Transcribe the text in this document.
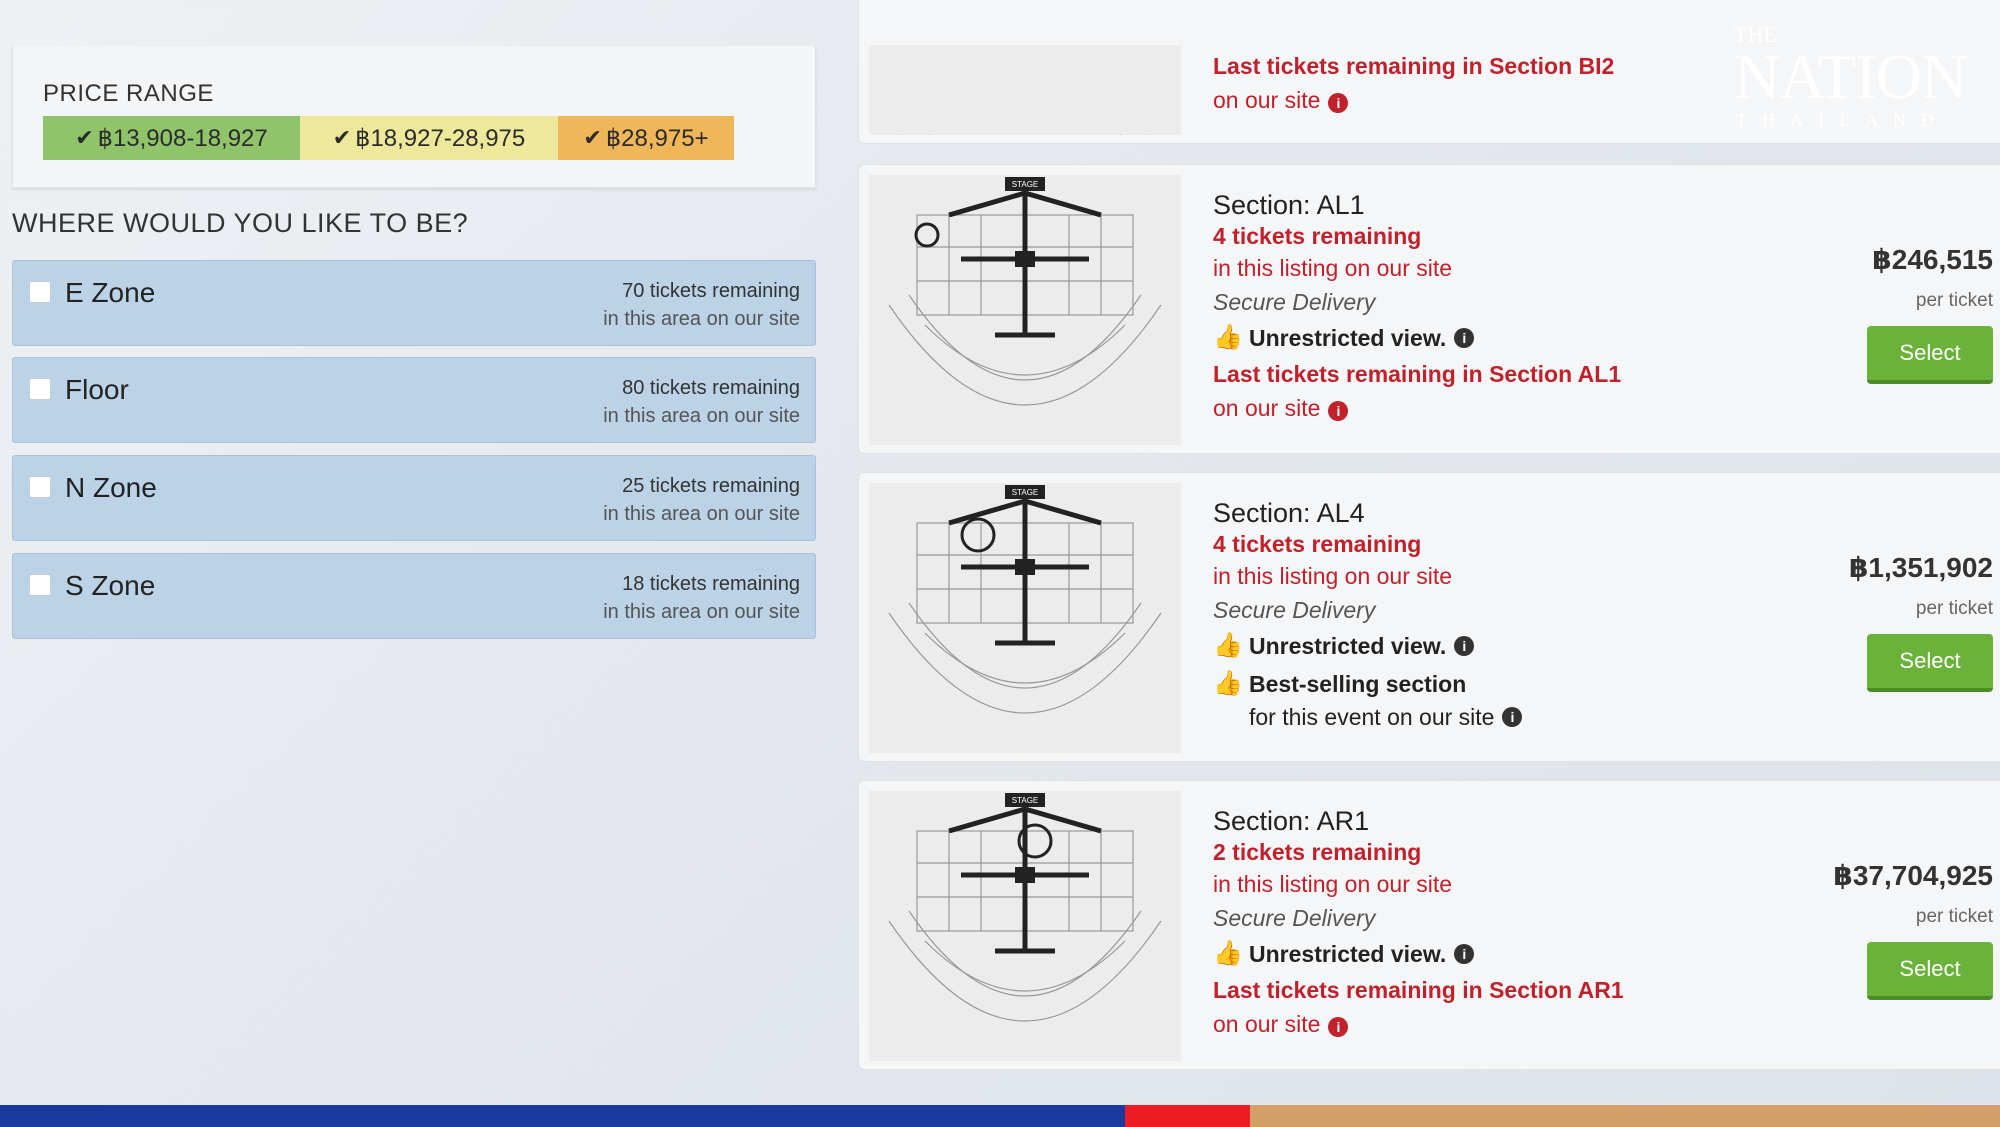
PRICE RANGE
✔ ฿13,908-18,927	✔ ฿18,927-28,975	✔ ฿28,975+
WHERE WOULD YOU LIKE TO BE?
E Zone	70 tickets remaining
in this area on our site
Floor	80 tickets remaining
in this area on our site
N Zone	25 tickets remaining
in this area on our site
S Zone	18 tickets remaining
in this area on our site
Last tickets remaining in Section BI2
on our site i
STAGE
Section: AL1
4 tickets remaining
in this listing on our site
Secure Delivery
👍 Unrestricted view.	i
Last tickets remaining in Section AL1
on our site i
฿246,515
per ticket
Select
STAGE
Section: AL4
4 tickets remaining
in this listing on our site
Secure Delivery
👍 Unrestricted view.	i
👍 Best-selling section
for this event on our site	i
฿1,351,902
per ticket
Select
STAGE
Section: AR1
2 tickets remaining
in this listing on our site
Secure Delivery
👍 Unrestricted view.	i
Last tickets remaining in Section AR1
on our site i
฿37,704,925
per ticket
Select
THE
NATION
THAILAND
